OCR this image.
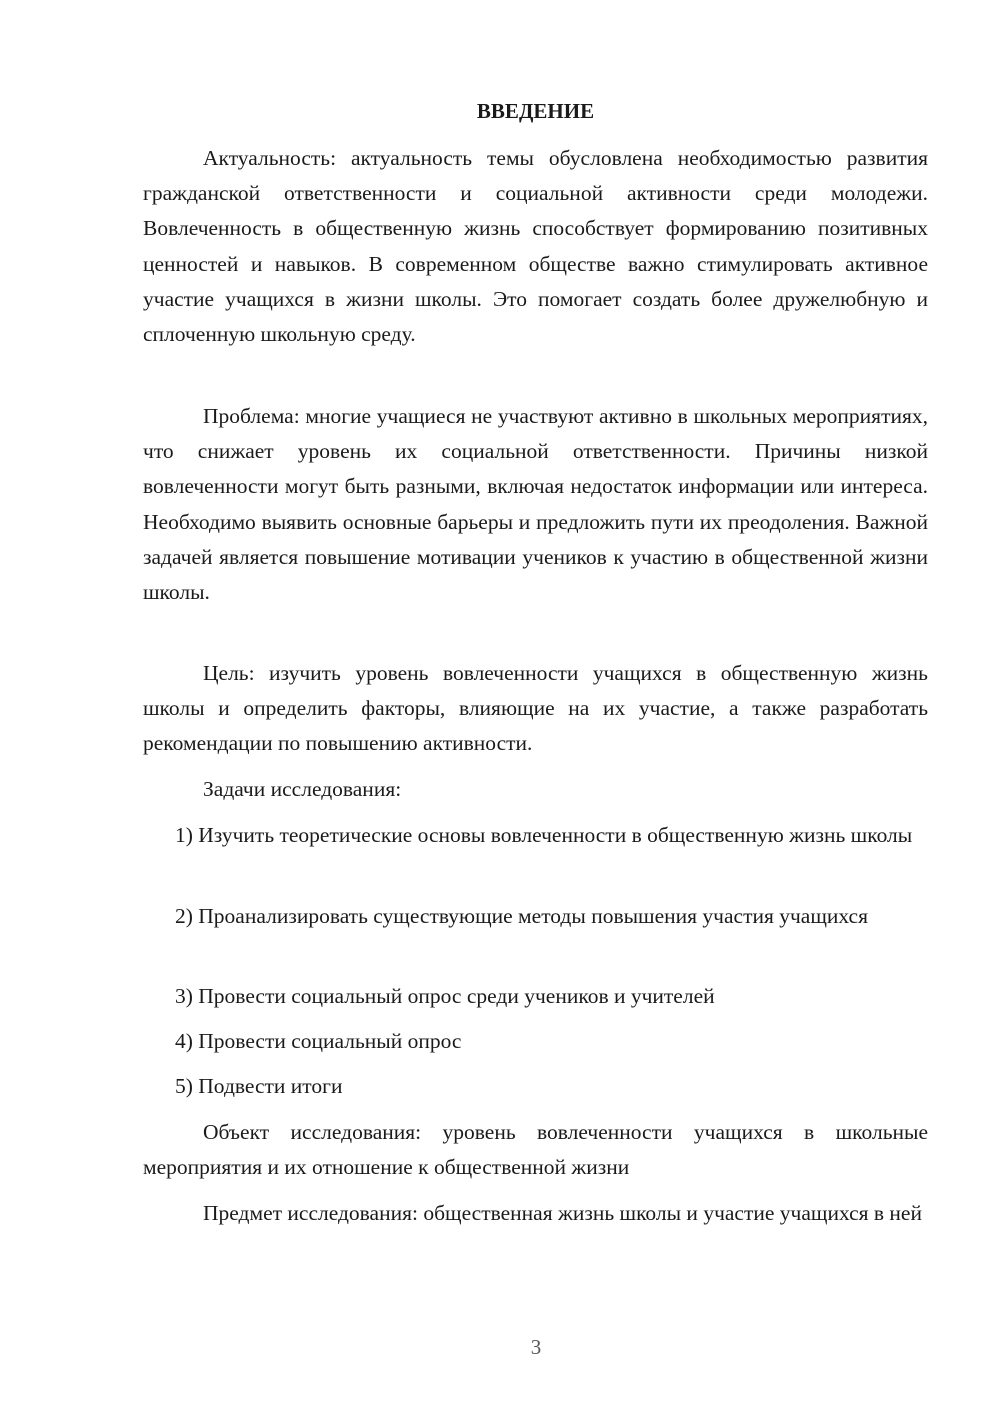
ВВЕДЕНИЕ

Актуальность: актуальность темы обусловлена необходимостью развития гражданской ответственности и социальной активности среди молодежи. Вовлеченность в общественную жизнь способствует формированию позитивных ценностей и навыков. В современном обществе важно стимулировать активное участие учащихся в жизни школы. Это помогает создать более дружелюбную и сплоченную школьную среду.

Проблема: многие учащиеся не участвуют активно в школьных мероприятиях, что снижает уровень их социальной ответственности. Причины низкой вовлеченности могут быть разными, включая недостаток информации или интереса. Необходимо выявить основные барьеры и предложить пути их преодоления. Важной задачей является повышение мотивации учеников к участию в общественной жизни школы.

Цель: изучить уровень вовлеченности учащихся в общественную жизнь школы и определить факторы, влияющие на их участие, а также разработать рекомендации по повышению активности.

Задачи исследования:

1) Изучить теоретические основы вовлеченности в общественную жизнь школы

2) Проанализировать существующие методы повышения участия учащихся

3) Провести социальный опрос среди учеников и учителей

4) Провести социальный опрос

5) Подвести итоги

Объект исследования: уровень вовлеченности учащихся в школьные мероприятия и их отношение к общественной жизни

Предмет исследования: общественная жизнь школы и участие учащихся в ней

3
